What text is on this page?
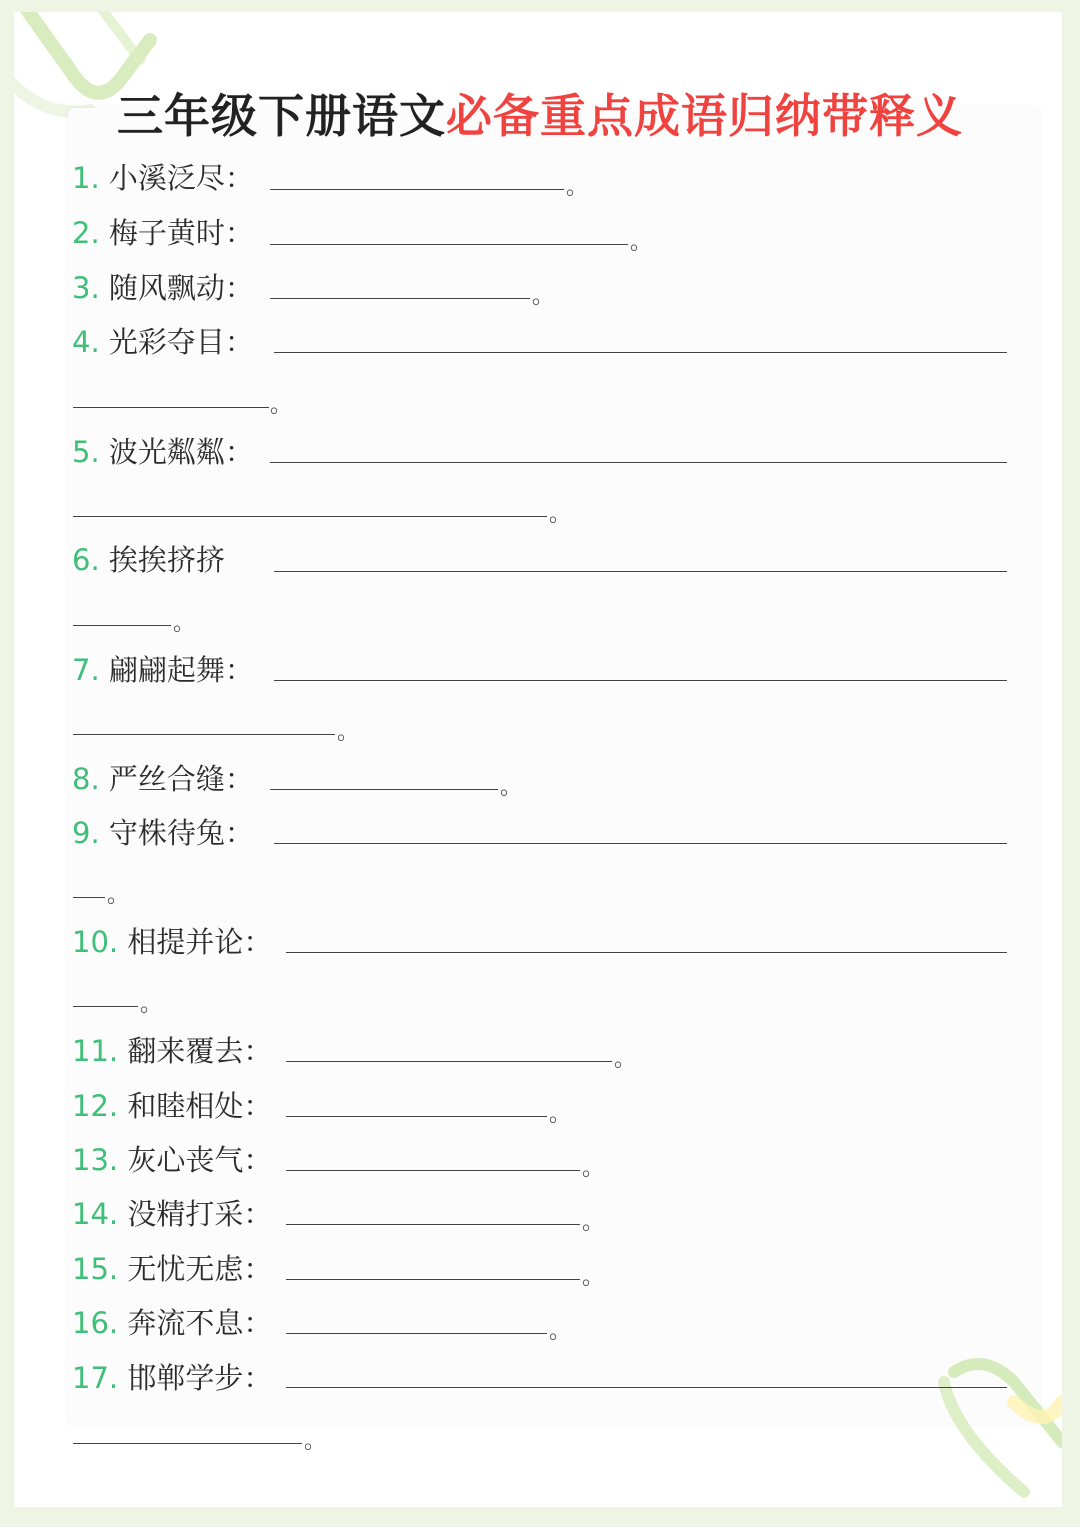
三年级下册语文必备重点成语归纳带释义
1. 小溪泛尽：	。
2. 梅子黄时：	。
3. 随风飘动：	。
4. 光彩夺目：
。
5. 波光粼粼：
。
6. 挨挨挤挤
。
7. 翩翩起舞：
。
8. 严丝合缝：	。
9. 守株待兔：
。
10. 相提并论：
。
11. 翻来覆去：	。
12. 和睦相处：	。
13. 灰心丧气：	。
14. 没精打采：	。
15. 无忧无虑：	。
16. 奔流不息：	。
17. 邯郸学步：
。
